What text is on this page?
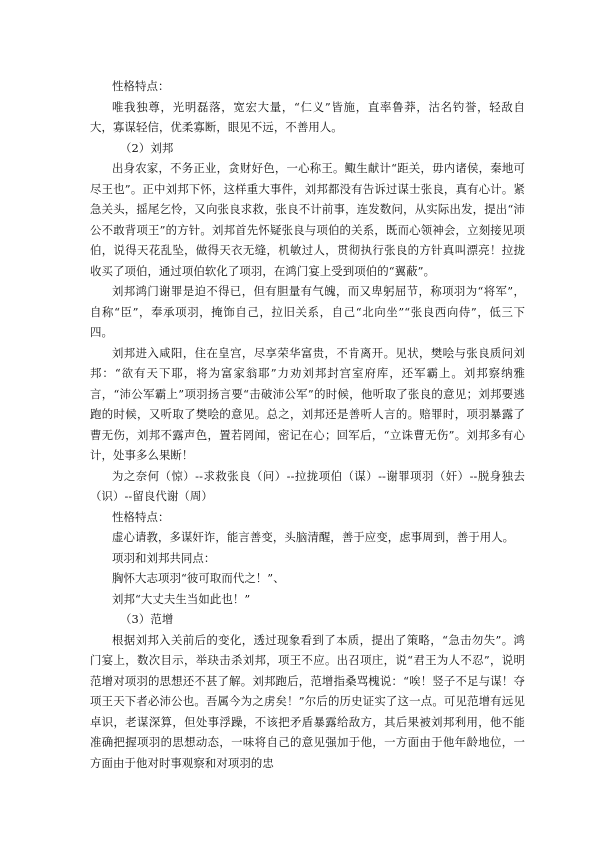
性格特点：

唯我独尊，光明磊落，宽宏大量，“仁义”皆施，直率鲁莽，沽名钓誉，轻敌自大，寡谋轻信，优柔寡断，眼见不远，不善用人。

（2）刘邦

出身农家，不务正业，贪财好色，一心称王。鲰生献计“距关，毋内诸侯，秦地可尽王也”。正中刘邦下怀，这样重大事件，刘邦都没有告诉过谋士张良，真有心计。紧急关头，摇尾乞怜，又向张良求救，张良不计前事，连发数问，从实际出发，提出“沛公不敢背项王”的方针。刘邦首先怀疑张良与项伯的关系，既而心领神会，立刻接见项伯，说得天花乱坠，做得天衣无缝，机敏过人，贯彻执行张良的方针真叫漂亮！拉拢收买了项伯，通过项伯软化了项羽，在鸿门宴上受到项伯的“翼蔽”。

刘邦鸿门谢罪是迫不得已，但有胆量有气魄，而又卑躬屈节，称项羽为“将军”，自称“臣”，奉承项羽，掩饰自己，拉旧关系，自己“北向坐”“张良西向侍”，低三下四。

刘邦进入咸阳，住在皇宫，尽享荣华富贵，不肯离开。见状，樊哙与张良质问刘邦：“欲有天下耶，将为富家翁耶”力劝刘邦封宫室府库，还军霸上。刘邦察纳雅言，“沛公军霸上”项羽扬言要“击破沛公军”的时候，他听取了张良的意见；刘邦要逃跑的时候，又听取了樊哙的意见。总之，刘邦还是善听人言的。赔罪时，项羽暴露了曹无伤，刘邦不露声色，置若罔闻，密记在心；回军后，“立诛曹无伤”。刘邦多有心计，处事多么果断！

为之奈何（惊）--求救张良（问）--拉拢项伯（谋）--谢罪项羽（奸）--脱身独去（识）--留良代谢（周）

性格特点：

虚心请教，多谋奸诈，能言善变，头脑清醒，善于应变，虑事周到，善于用人。

项羽和刘邦共同点：

胸怀大志项羽“彼可取而代之！”、

刘邦“大丈夫生当如此也！”

（3）范增

根据刘邦入关前后的变化，透过现象看到了本质，提出了策略，“急击勿失”。鸿门宴上，数次目示，举玦击杀刘邦，项王不应。出召项庄，说“君王为人不忍”，说明范增对项羽的思想还不甚了解。刘邦跑后，范增指桑骂槐说：“唉！竖子不足与谋！夺项王天下者必沛公也。吾属今为之虏矣！”尔后的历史证实了这一点。可见范增有远见卓识，老谋深算，但处事浮躁，不该把矛盾暴露给敌方，其后果被刘邦利用，他不能准确把握项羽的思想动态，一味将自己的意见强加于他，一方面由于他年龄地位，一方面由于他对时事观察和对项羽的忠
